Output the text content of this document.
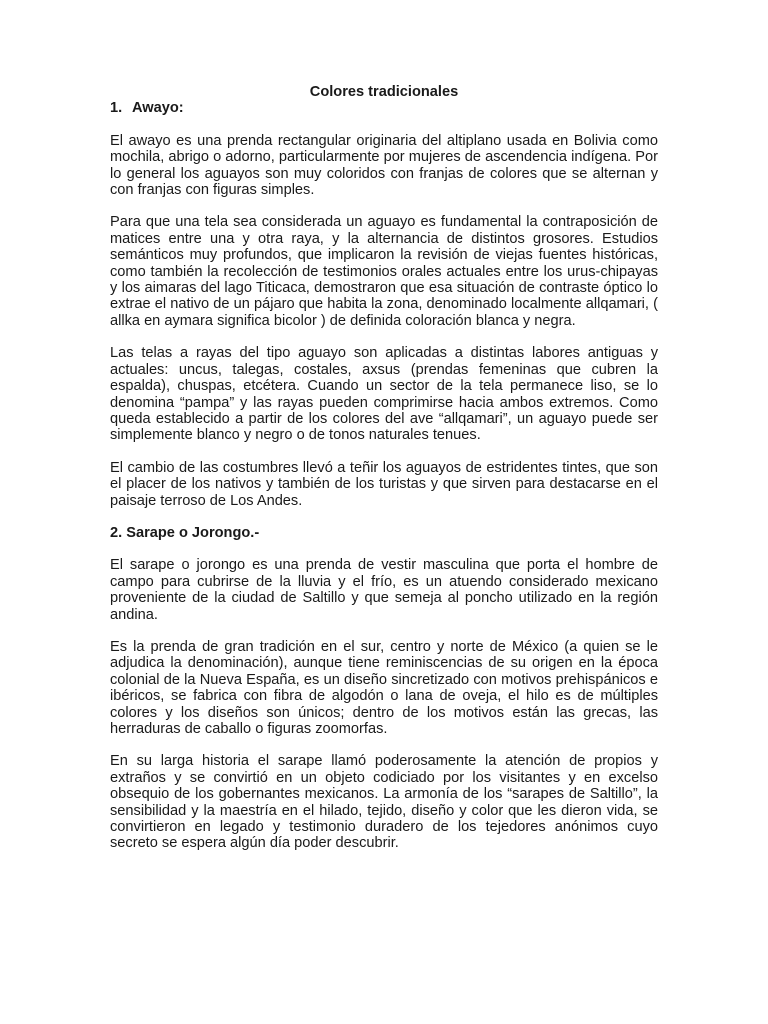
Colores tradicionales
1. Awayo:

El awayo es una prenda rectangular originaria del altiplano usada en Bolivia como mochila, abrigo o adorno, particularmente por mujeres de ascendencia indígena. Por lo general los aguayos son muy coloridos con franjas de colores que se alternan y con franjas con figuras simples.

Para que una tela sea considerada un aguayo es fundamental la contraposición de matices entre una y otra raya, y la alternancia de distintos grosores. Estudios semánticos muy profundos, que implicaron la revisión de viejas fuentes históricas, como también la recolección de testimonios orales actuales entre los urus-chipayas y los aimaras del lago Titicaca, demostraron que esa situación de contraste óptico lo extrae el nativo de un pájaro que habita la zona, denominado localmente allqamari, ( allka en aymara significa bicolor ) de definida coloración blanca y negra.

Las telas a rayas del tipo aguayo son aplicadas a distintas labores antiguas y actuales: uncus, talegas, costales, axsus (prendas femeninas que cubren la espalda), chuspas, etcétera. Cuando un sector de la tela permanece liso, se lo denomina “pampa” y las rayas pueden comprimirse hacia ambos extremos. Como queda establecido a partir de los colores del ave “allqamari”, un aguayo puede ser simplemente blanco y negro o de tonos naturales tenues.

El cambio de las costumbres llevó a teñir los aguayos de estridentes tintes, que son el placer de los nativos y también de los turistas y que sirven para destacarse en el paisaje terroso de Los Andes.

2. Sarape o Jorongo.-

El sarape o jorongo es una prenda de vestir masculina que porta el hombre de campo para cubrirse de la lluvia y el frío, es un atuendo considerado mexicano proveniente de la ciudad de Saltillo y que semeja al poncho utilizado en la región andina.

Es la prenda de gran tradición en el sur, centro y norte de México (a quien se le adjudica la denominación), aunque tiene reminiscencias de su origen en la época colonial de la Nueva España, es un diseño sincretizado con motivos prehispánicos e ibéricos, se fabrica con fibra de algodón o lana de oveja, el hilo es de múltiples colores y los diseños son únicos; dentro de los motivos están las grecas, las herraduras de caballo o figuras zoomorfas.

En su larga historia el sarape llamó poderosamente la atención de propios y extraños y se convirtió en un objeto codiciado por los visitantes y en excelso obsequio de los gobernantes mexicanos. La armonía de los “sarapes de Saltillo”, la sensibilidad y la maestría en el hilado, tejido, diseño y color que les dieron vida, se convirtieron en legado y testimonio duradero de los tejedores anónimos cuyo secreto se espera algún día poder descubrir.
